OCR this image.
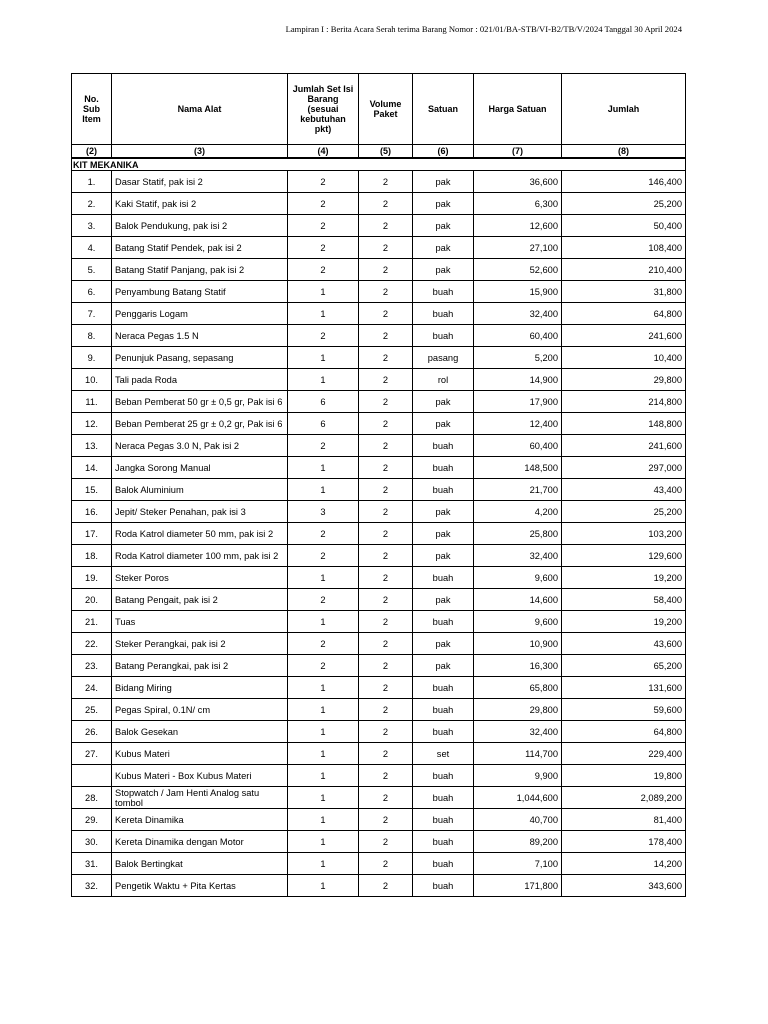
Lampiran I : Berita Acara Serah terima Barang Nomor : 021/01/BA-STB/VI-B2/TB/V/2024 Tanggal 30 April 2024
No. Sub Item	Nama Alat	Jumlah Set Isi Barang (sesuai kebutuhan pkt)	Volume Paket	Satuan	Harga Satuan	Jumlah
(2)	(3)	(4)	(5)	(6)	(7)	(8)
KIT MEKANIKA						
1.	Dasar Statif, pak isi 2	2	2	pak	36,600	146,400
2.	Kaki Statif, pak isi 2	2	2	pak	6,300	25,200
3.	Balok Pendukung, pak isi 2	2	2	pak	12,600	50,400
4.	Batang Statif Pendek, pak isi 2	2	2	pak	27,100	108,400
5.	Batang Statif Panjang, pak isi 2	2	2	pak	52,600	210,400
6.	Penyambung Batang Statif	1	2	buah	15,900	31,800
7.	Penggaris Logam	1	2	buah	32,400	64,800
8.	Neraca Pegas 1.5 N	2	2	buah	60,400	241,600
9.	Penunjuk Pasang, sepasang	1	2	pasang	5,200	10,400
10.	Tali pada Roda	1	2	rol	14,900	29,800
11.	Beban Pemberat 50 gr ± 0,5 gr, Pak isi 6	6	2	pak	17,900	214,800
12.	Beban Pemberat 25 gr ± 0,2 gr, Pak isi 6	6	2	pak	12,400	148,800
13.	Neraca Pegas 3.0 N, Pak isi 2	2	2	buah	60,400	241,600
14.	Jangka Sorong Manual	1	2	buah	148,500	297,000
15.	Balok Aluminium	1	2	buah	21,700	43,400
16.	Jepit/ Steker Penahan, pak isi 3	3	2	pak	4,200	25,200
17.	Roda Katrol diameter 50 mm, pak isi 2	2	2	pak	25,800	103,200
18.	Roda Katrol diameter 100 mm, pak isi 2	2	2	pak	32,400	129,600
19.	Steker Poros	1	2	buah	9,600	19,200
20.	Batang Pengait, pak isi 2	2	2	pak	14,600	58,400
21.	Tuas	1	2	buah	9,600	19,200
22.	Steker Perangkai, pak isi 2	2	2	pak	10,900	43,600
23.	Batang Perangkai, pak isi 2	2	2	pak	16,300	65,200
24.	Bidang Miring	1	2	buah	65,800	131,600
25.	Pegas Spiral, 0.1N/ cm	1	2	buah	29,800	59,600
26.	Balok Gesekan	1	2	buah	32,400	64,800
27.	Kubus Materi	1	2	set	114,700	229,400
	Kubus Materi - Box Kubus Materi	1	2	buah	9,900	19,800
28.	Stopwatch / Jam Henti Analog satu tombol	1	2	buah	1,044,600	2,089,200
29.	Kereta Dinamika	1	2	buah	40,700	81,400
30.	Kereta Dinamika dengan Motor	1	2	buah	89,200	178,400
31.	Balok Bertingkat	1	2	buah	7,100	14,200
32.	Pengetik Waktu + Pita Kertas	1	2	buah	171,800	343,600
